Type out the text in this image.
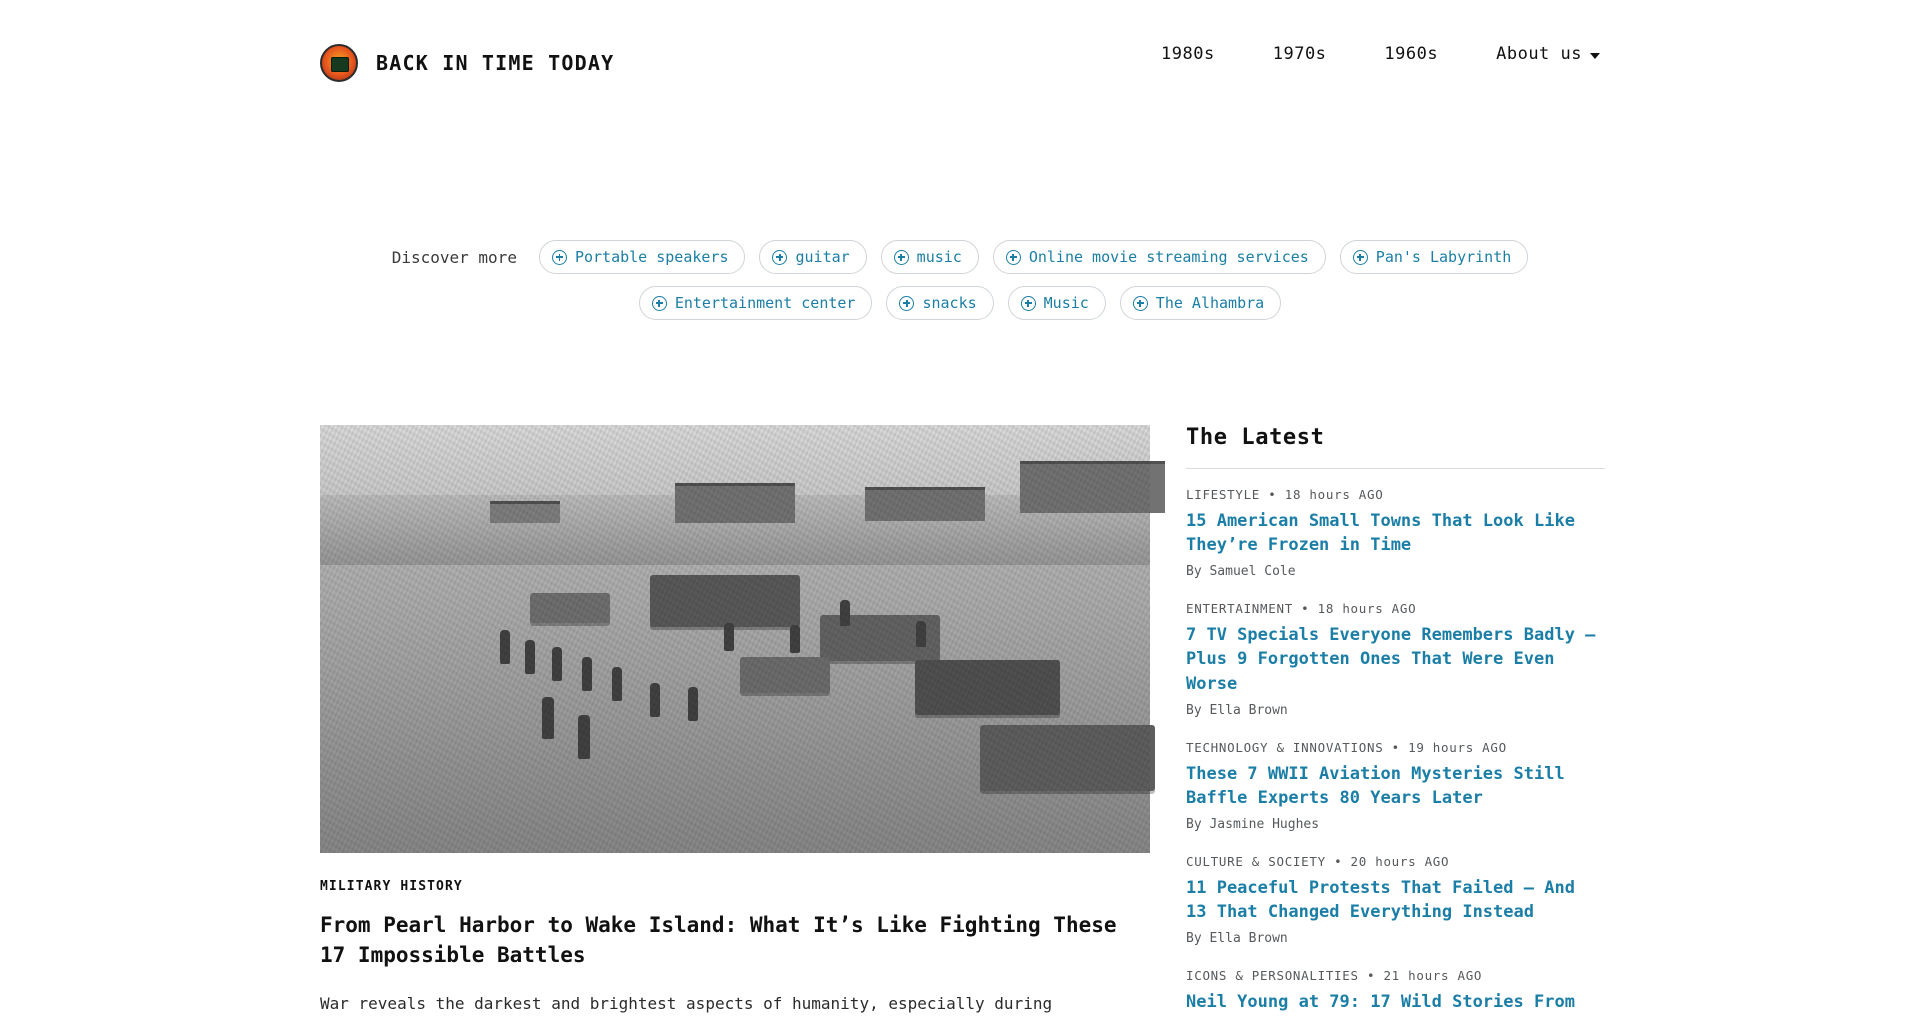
BACK IN TIME TODAY	1980s	1970s	1960s	About us
Discover more	Portable speakers	guitar	music	Online movie streaming services	Pan's Labyrinth
Entertainment center	snacks	Music	The Alhambra
MILITARY HISTORY
From Pearl Harbor to Wake Island: What It’s Like Fighting These 17 Impossible Battles
War reveals the darkest and brightest aspects of humanity, especially during
The Latest
LIFESTYLE • 18 hours AGO
15 American Small Towns That Look Like They’re Frozen in Time
By Samuel Cole
ENTERTAINMENT • 18 hours AGO
7 TV Specials Everyone Remembers Badly — Plus 9 Forgotten Ones That Were Even Worse
By Ella Brown
TECHNOLOGY & INNOVATIONS • 19 hours AGO
These 7 WWII Aviation Mysteries Still Baffle Experts 80 Years Later
By Jasmine Hughes
CULTURE & SOCIETY • 20 hours AGO
11 Peaceful Protests That Failed — And 13 That Changed Everything Instead
By Ella Brown
ICONS & PERSONALITIES • 21 hours AGO
Neil Young at 79: 17 Wild Stories From
